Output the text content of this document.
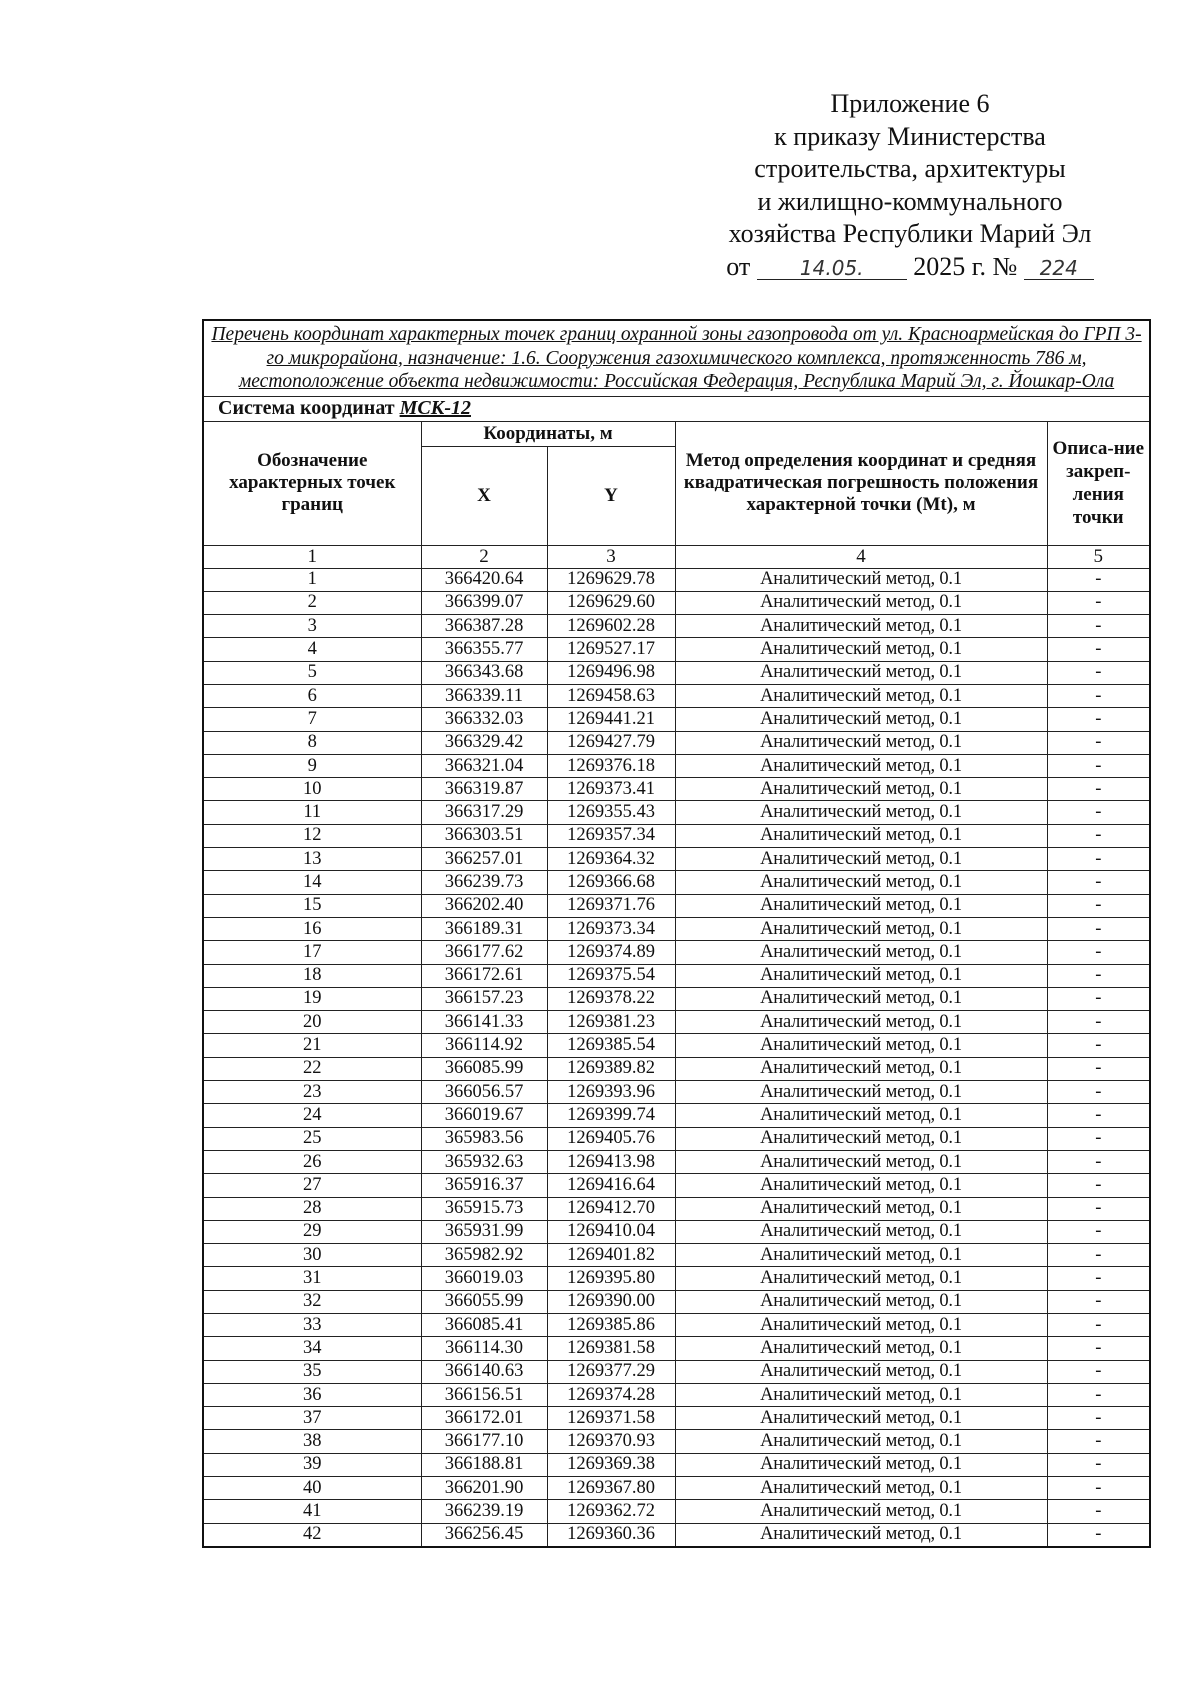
Приложение 6
к приказу Министерства
строительства, архитектуры
и жилищно-коммунального
хозяйства Республики Марий Эл
от 14.05. 2025 г. № 224
Перечень координат характерных точек границ охранной зоны газопровода от ул. Красноармейская до ГРП 3-го микрорайона, назначение: 1.6. Сооружения газохимического комплекса, протяженность 786 м, местоположение объекта недвижимости: Российская Федерация, Республика Марий Эл, г. Йошкар-Ола				
Система координат МСК-12				
Обозначение характерных точек границ	Координаты, м		Метод определения координат и средняя квадратическая погрешность положения характерной точки (Mt), м	Описа-ние закреп-ления точки
	X	Y		
1	2	3	4	5
1	366420.64	1269629.78	Аналитический метод, 0.1	-
2	366399.07	1269629.60	Аналитический метод, 0.1	-
3	366387.28	1269602.28	Аналитический метод, 0.1	-
4	366355.77	1269527.17	Аналитический метод, 0.1	-
5	366343.68	1269496.98	Аналитический метод, 0.1	-
6	366339.11	1269458.63	Аналитический метод, 0.1	-
7	366332.03	1269441.21	Аналитический метод, 0.1	-
8	366329.42	1269427.79	Аналитический метод, 0.1	-
9	366321.04	1269376.18	Аналитический метод, 0.1	-
10	366319.87	1269373.41	Аналитический метод, 0.1	-
11	366317.29	1269355.43	Аналитический метод, 0.1	-
12	366303.51	1269357.34	Аналитический метод, 0.1	-
13	366257.01	1269364.32	Аналитический метод, 0.1	-
14	366239.73	1269366.68	Аналитический метод, 0.1	-
15	366202.40	1269371.76	Аналитический метод, 0.1	-
16	366189.31	1269373.34	Аналитический метод, 0.1	-
17	366177.62	1269374.89	Аналитический метод, 0.1	-
18	366172.61	1269375.54	Аналитический метод, 0.1	-
19	366157.23	1269378.22	Аналитический метод, 0.1	-
20	366141.33	1269381.23	Аналитический метод, 0.1	-
21	366114.92	1269385.54	Аналитический метод, 0.1	-
22	366085.99	1269389.82	Аналитический метод, 0.1	-
23	366056.57	1269393.96	Аналитический метод, 0.1	-
24	366019.67	1269399.74	Аналитический метод, 0.1	-
25	365983.56	1269405.76	Аналитический метод, 0.1	-
26	365932.63	1269413.98	Аналитический метод, 0.1	-
27	365916.37	1269416.64	Аналитический метод, 0.1	-
28	365915.73	1269412.70	Аналитический метод, 0.1	-
29	365931.99	1269410.04	Аналитический метод, 0.1	-
30	365982.92	1269401.82	Аналитический метод, 0.1	-
31	366019.03	1269395.80	Аналитический метод, 0.1	-
32	366055.99	1269390.00	Аналитический метод, 0.1	-
33	366085.41	1269385.86	Аналитический метод, 0.1	-
34	366114.30	1269381.58	Аналитический метод, 0.1	-
35	366140.63	1269377.29	Аналитический метод, 0.1	-
36	366156.51	1269374.28	Аналитический метод, 0.1	-
37	366172.01	1269371.58	Аналитический метод, 0.1	-
38	366177.10	1269370.93	Аналитический метод, 0.1	-
39	366188.81	1269369.38	Аналитический метод, 0.1	-
40	366201.90	1269367.80	Аналитический метод, 0.1	-
41	366239.19	1269362.72	Аналитический метод, 0.1	-
42	366256.45	1269360.36	Аналитический метод, 0.1	-
